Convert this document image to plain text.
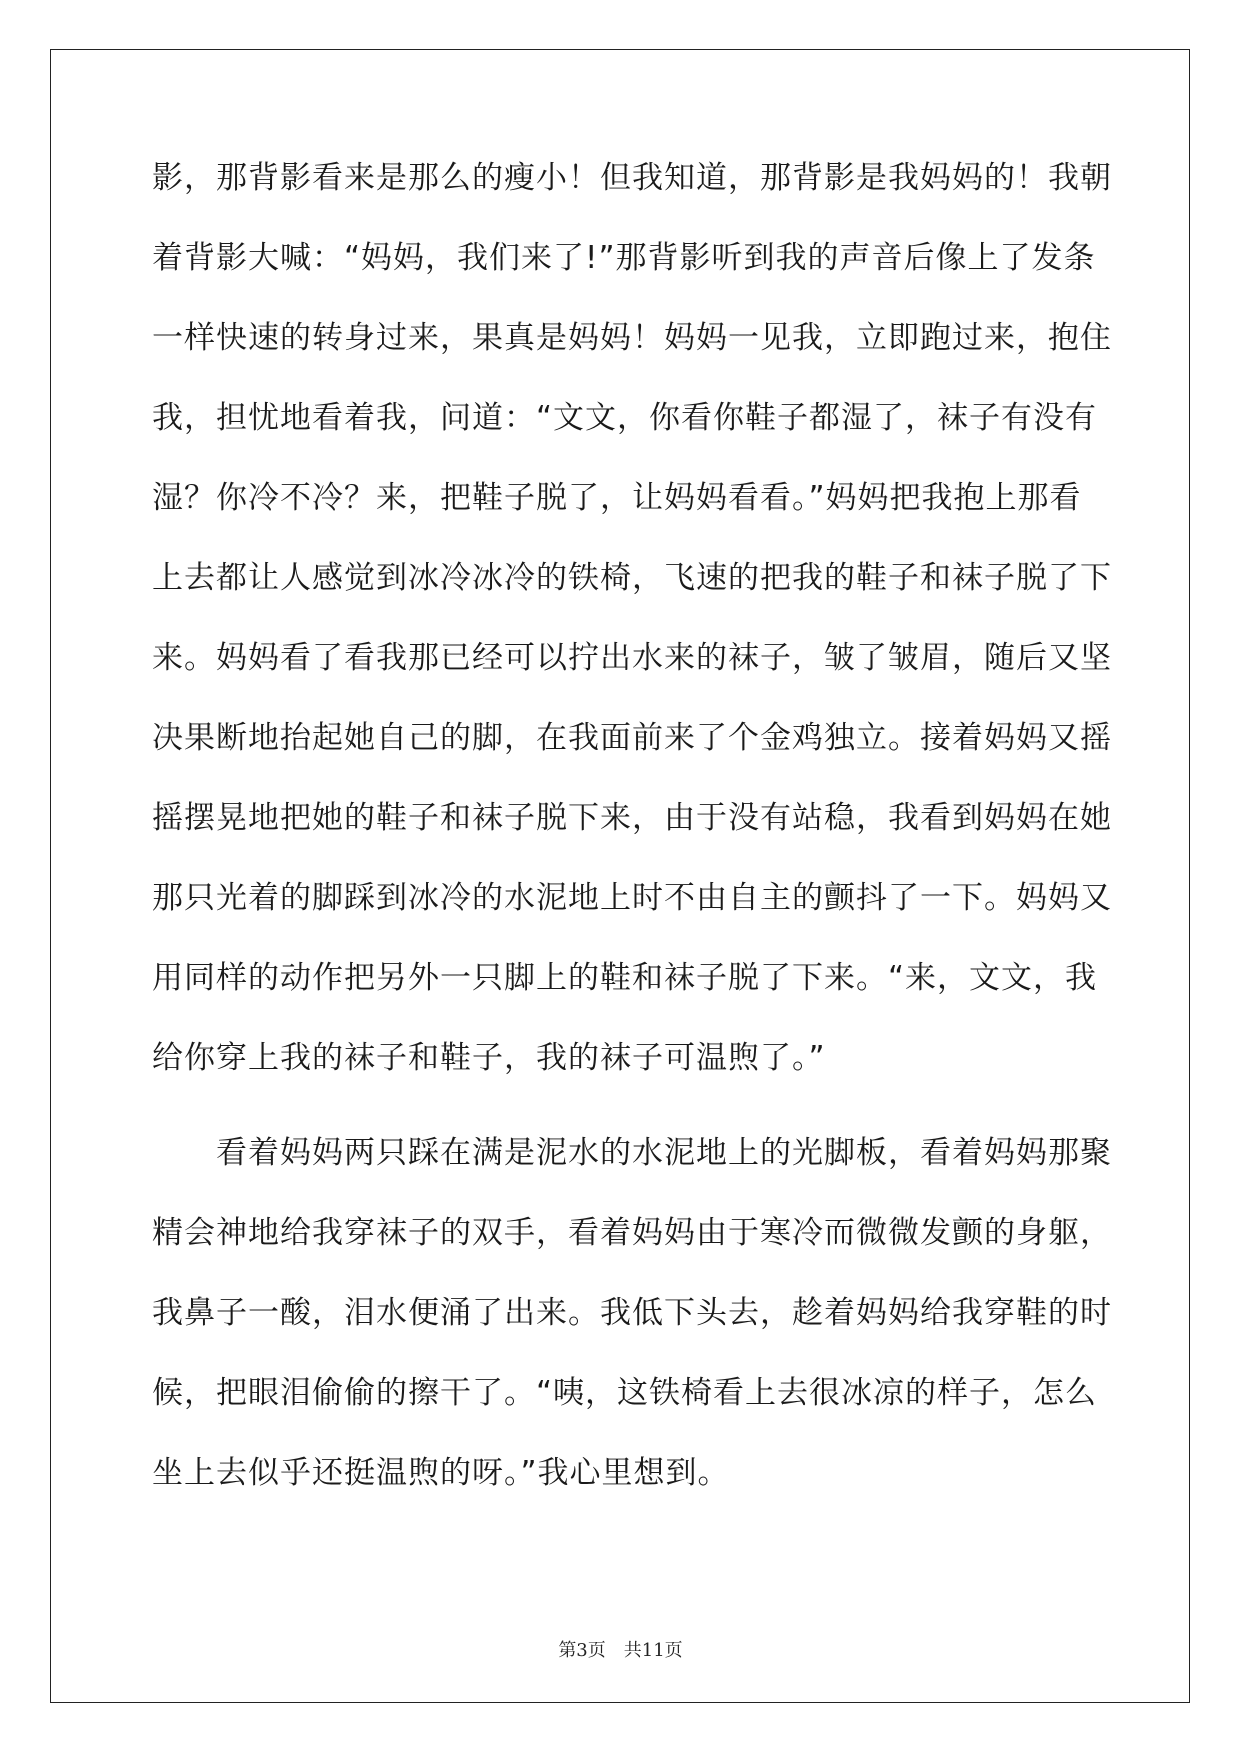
影，那背影看来是那么的瘦小！但我知道，那背影是我妈妈的！我朝
着背影大喊：“妈妈，我们来了!”那背影听到我的声音后像上了发条
一样快速的转身过来，果真是妈妈！妈妈一见我，立即跑过来，抱住
我，担忧地看着我，问道：“文文，你看你鞋子都湿了，袜子有没有
湿？你冷不冷？来，把鞋子脱了，让妈妈看看。”妈妈把我抱上那看
上去都让人感觉到冰冷冰冷的铁椅，飞速的把我的鞋子和袜子脱了下
来。妈妈看了看我那已经可以拧出水来的袜子，皱了皱眉，随后又坚
决果断地抬起她自己的脚，在我面前来了个金鸡独立。接着妈妈又摇
摇摆晃地把她的鞋子和袜子脱下来，由于没有站稳，我看到妈妈在她
那只光着的脚踩到冰冷的水泥地上时不由自主的颤抖了一下。妈妈又
用同样的动作把另外一只脚上的鞋和袜子脱了下来。“来，文文，我
给你穿上我的袜子和鞋子，我的袜子可温煦了。”
　　看着妈妈两只踩在满是泥水的水泥地上的光脚板，看着妈妈那聚
精会神地给我穿袜子的双手，看着妈妈由于寒冷而微微发颤的身躯，
我鼻子一酸，泪水便涌了出来。我低下头去，趁着妈妈给我穿鞋的时
候，把眼泪偷偷的擦干了。“咦，这铁椅看上去很冰凉的样子，怎么
坐上去似乎还挺温煦的呀。”我心里想到。
第3页　共11页
